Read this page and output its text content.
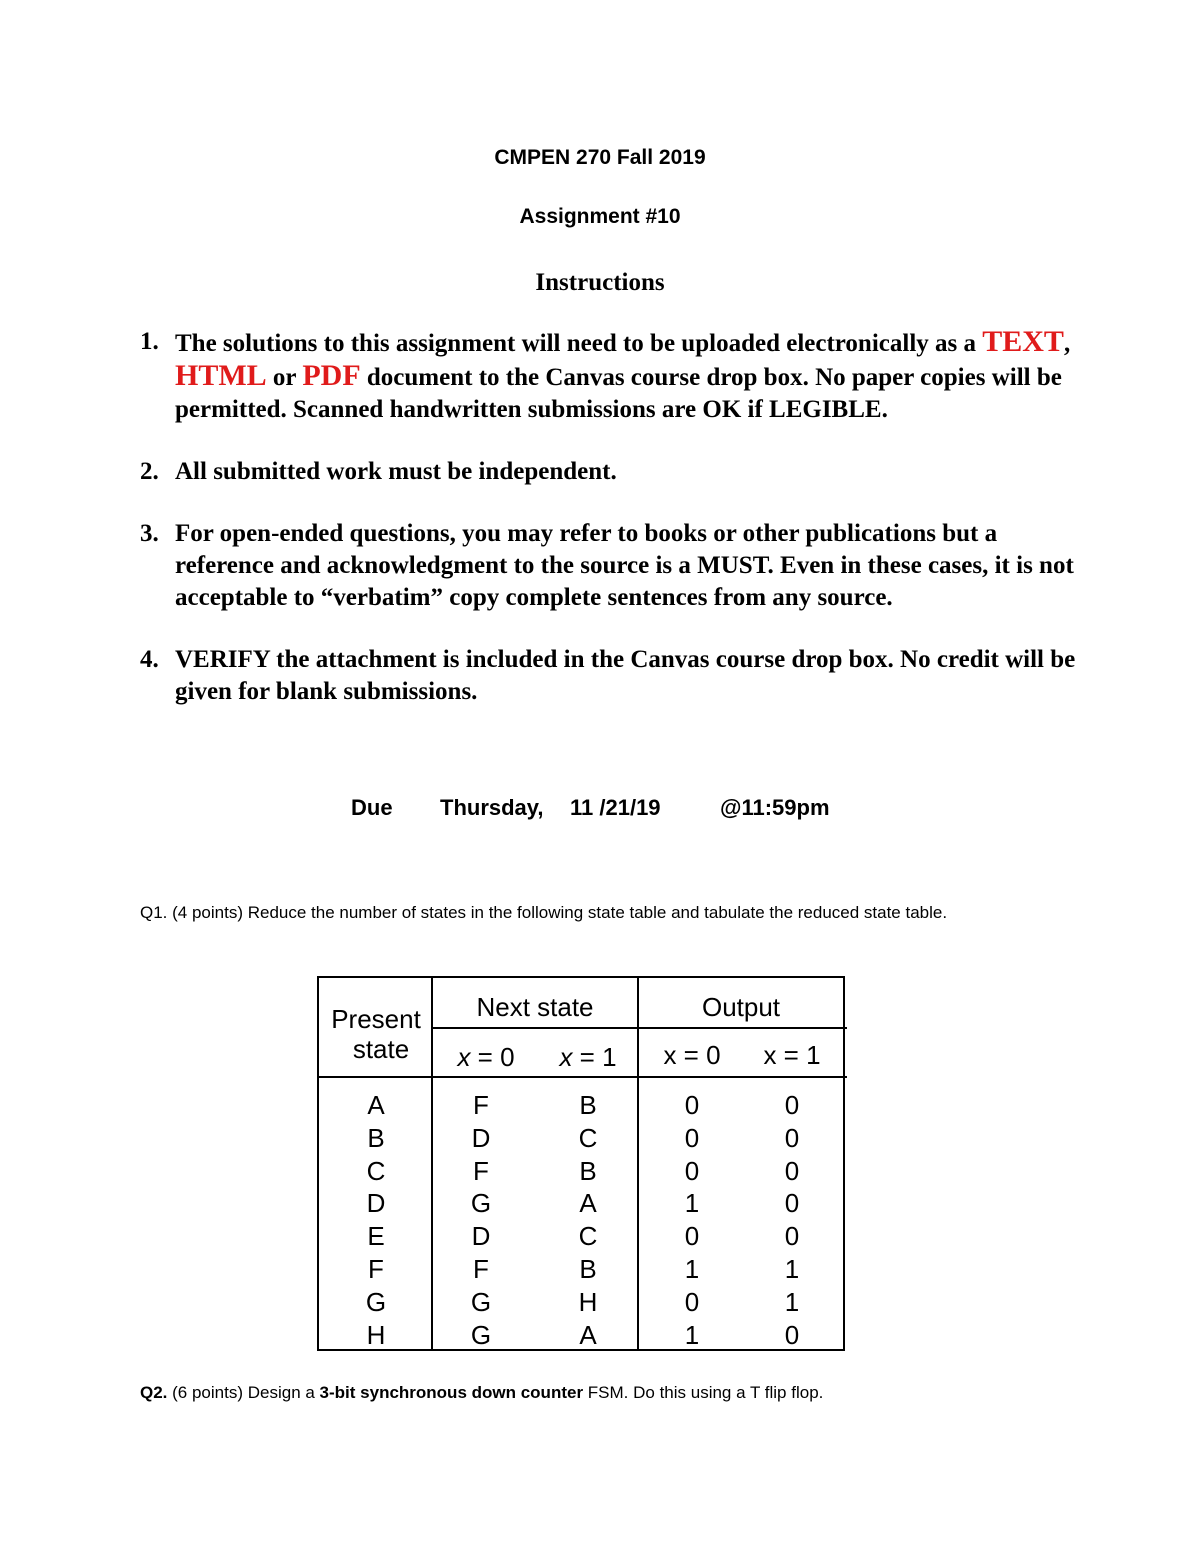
CMPEN 270 Fall 2019
Assignment #10
Instructions
1. The solutions to this assignment will need to be uploaded electronically as a TEXT, HTML or PDF document to the Canvas course drop box. No paper copies will be permitted. Scanned handwritten submissions are OK if LEGIBLE.
2. All submitted work must be independent.
3. For open-ended questions, you may refer to books or other publications but a reference and acknowledgment to the source is a MUST. Even in these cases, it is not acceptable to “verbatim” copy complete sentences from any source.
4. VERIFY the attachment is included in the Canvas course drop box. No credit will be given for blank submissions.
Due Thursday, 11 /21/19	@11:59pm
Q1. (4 points) Reduce the number of states in the following state table and tabulate the reduced state table.
Present
state
Next state	Output
x = 0	x = 1	x = 0	x = 1
A	F	B	0	0
B	D	C	0	0
C	F	B	0	0
D	G	A	1	0
E	D	C	0	0
F	F	B	1	1
G	G	H	0	1
H	G	A	1	0
Q2. (6 points) Design a 3-bit synchronous down counter FSM. Do this using a T flip flop.
